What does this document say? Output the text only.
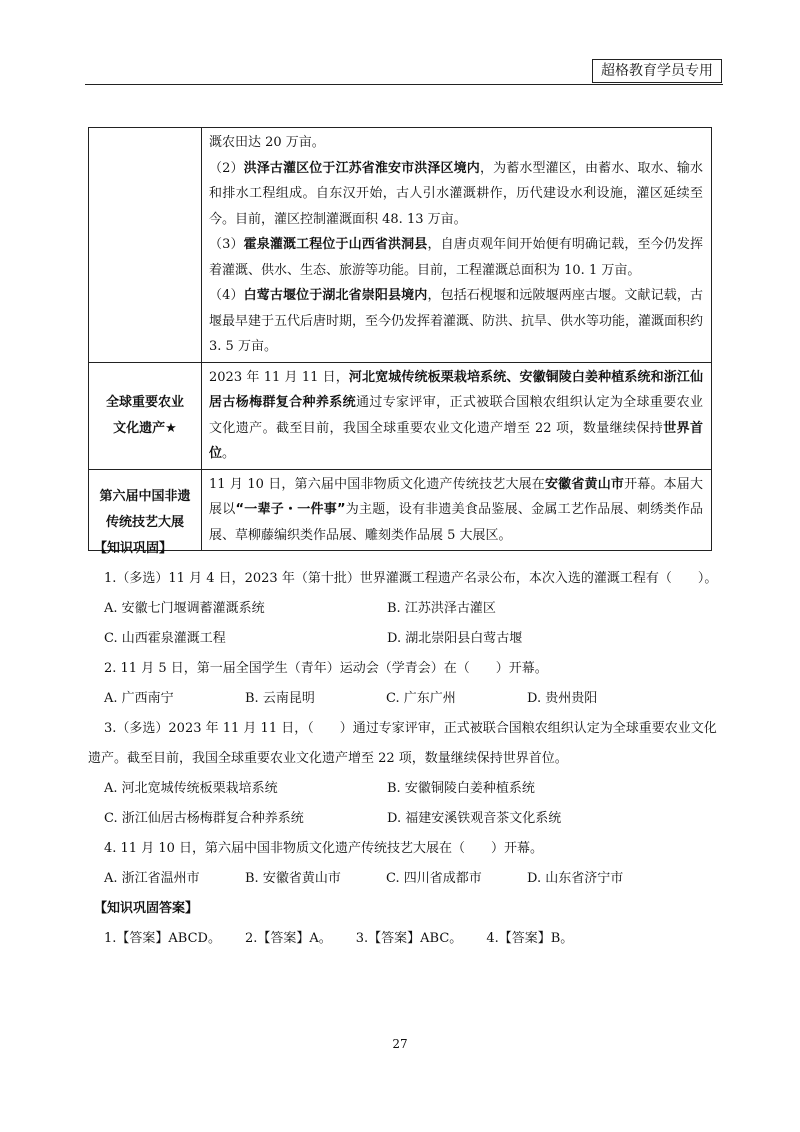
超格教育学员专用

	溉农田达 20 万亩。

（2）洪泽古灌区位于江苏省淮安市洪泽区境内，为蓄水型灌区，由蓄水、取水、输水和排水工程组成。自东汉开始，古人引水灌溉耕作，历代建设水利设施，灌区延续至今。目前，灌区控制灌溉面积 48. 13 万亩。

（3）霍泉灌溉工程位于山西省洪洞县，自唐贞观年间开始便有明确记载，至今仍发挥着灌溉、供水、生态、旅游等功能。目前，工程灌溉总面积为 10. 1 万亩。

（4）白莺古堰位于湖北省崇阳县境内，包括石枧堰和远陂堰两座古堰。文献记载，古堰最早建于五代后唐时期，至今仍发挥着灌溉、防洪、抗旱、供水等功能，灌溉面积约 3. 5 万亩。

全球重要农业
文化遗产★	2023 年 11 月 11 日，河北宽城传统板栗栽培系统、安徽铜陵白姜种植系统和浙江仙居古杨梅群复合种养系统通过专家评审，正式被联合国粮农组织认定为全球重要农业文化遗产。截至目前，我国全球重要农业文化遗产增至 22 项，数量继续保持世界首位。

第六届中国非遗
传统技艺大展	11 月 10 日，第六届中国非物质文化遗产传统技艺大展在安徽省黄山市开幕。本届大展以“一辈子・一件事”为主题，设有非遗美食品鉴展、金属工艺作品展、刺绣类作品展、草柳藤编织类作品展、雕刻类作品展 5 大展区。

【知识巩固】
1.（多选）11 月 4 日，2023 年（第十批）世界灌溉工程遗产名录公布，本次入选的灌溉工程有（　　）。
A. 安徽七门堰调蓄灌溉系统	B. 江苏洪泽古灌区
C. 山西霍泉灌溉工程	D. 湖北崇阳县白莺古堰
2. 11 月 5 日，第一届全国学生（青年）运动会（学青会）在（　　）开幕。
A. 广西南宁	B. 云南昆明	C. 广东广州	D. 贵州贵阳
3.（多选）2023 年 11 月 11 日，（　　）通过专家评审，正式被联合国粮农组织认定为全球重要农业文化
遗产。截至目前，我国全球重要农业文化遗产增至 22 项，数量继续保持世界首位。
A. 河北宽城传统板栗栽培系统	B. 安徽铜陵白姜种植系统
C. 浙江仙居古杨梅群复合种养系统	D. 福建安溪铁观音茶文化系统
4. 11 月 10 日，第六届中国非物质文化遗产传统技艺大展在（　　）开幕。
A. 浙江省温州市	B. 安徽省黄山市	C. 四川省成都市	D. 山东省济宁市
【知识巩固答案】
1.【答案】ABCD。 2.【答案】A。 3.【答案】ABC。 4.【答案】B。
27
